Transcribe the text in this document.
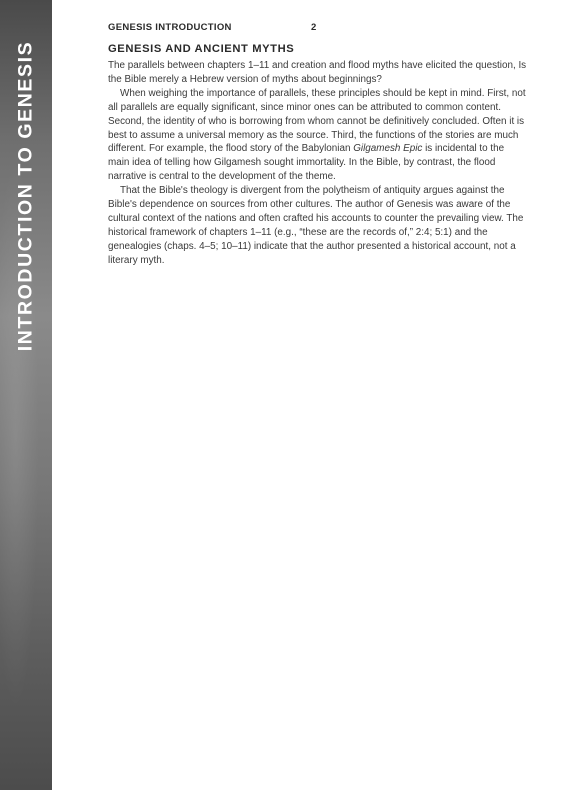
INTRODUCTION TO GENESIS
GENESIS INTRODUCTION	2
GENESIS AND ANCIENT MYTHS

The parallels between chapters 1–11 and creation and flood myths have elicited the question, Is the Bible merely a Hebrew version of myths about beginnings?

When weighing the importance of parallels, these principles should be kept in mind. First, not all parallels are equally significant, since minor ones can be attributed to common content. Second, the identity of who is borrowing from whom cannot be definitively concluded. Often it is best to assume a universal memory as the source. Third, the functions of the stories are much different. For example, the flood story of the Babylonian Gilgamesh Epic is incidental to the main idea of telling how Gilgamesh sought immortality. In the Bible, by contrast, the flood narrative is central to the development of the theme.

That the Bible's theology is divergent from the polytheism of antiquity argues against the Bible's dependence on sources from other cultures. The author of Genesis was aware of the cultural context of the nations and often crafted his accounts to counter the prevailing view. The historical framework of chapters 1–11 (e.g., “these are the records of,” 2:4; 5:1) and the genealogies (chaps. 4–5; 10–11) indicate that the author presented a historical account, not a literary myth.
